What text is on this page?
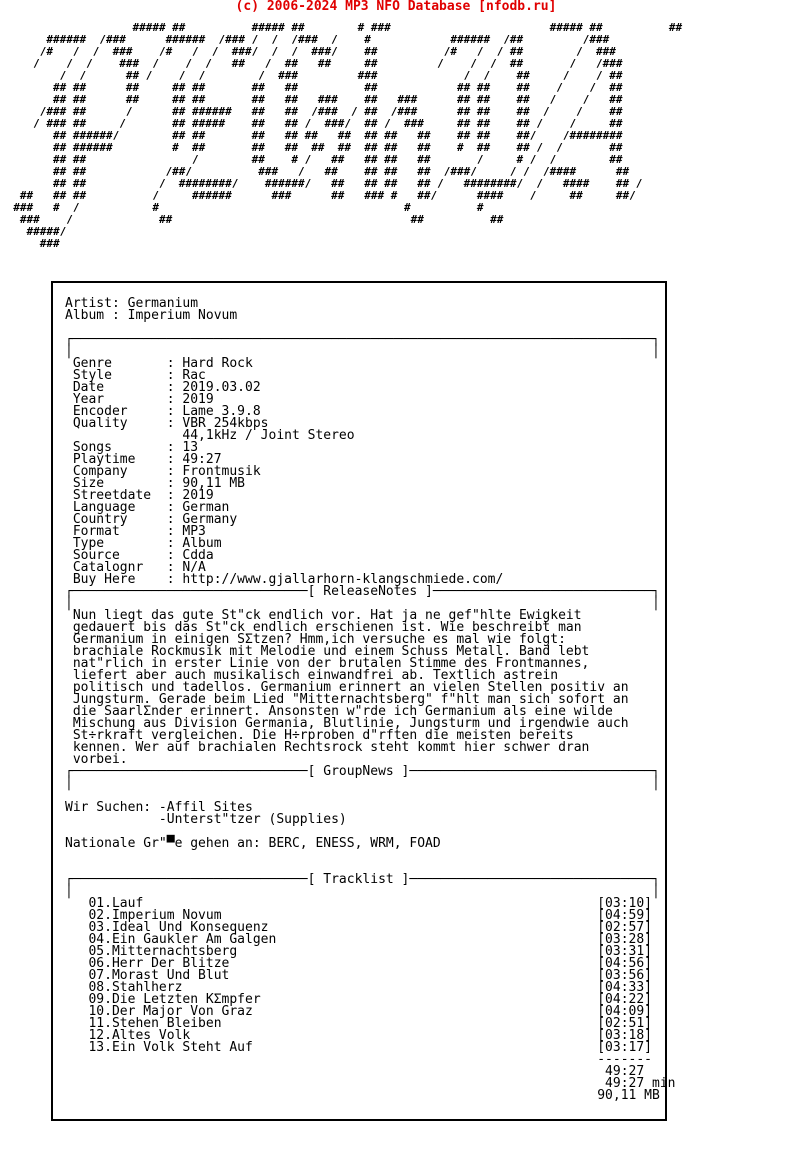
(c) 2006-2024 MP3 NFO Database [nfodb.ru]
##### ##          ##### ##        # ###                        ##### ##          ##
######  /###      ######  /### /  /  /###  /    #            ######  /##         /###
/#   /  /  ###    /#   /  /  ###/  /  /  ###/    ##          /#   /  / ##        /  ###
/    /  /    ###  /    /  /   ##   /  ##   ##     ##         /    /  /  ##       /   /###
/  /      ## /    /  /        /  ###         ###             /  /    ##     /    / ##
## ##      ##     ## ##       ##   ##          ##            ## ##    ##    /    /  ##
## ##      ##     ## ##       ##   ##   ###    ##   ###      ## ##    ##   /    /   ##
/### ##      /      ## ######   ##   ##  /###  / ##  /###      ## ##    ##  /    /    ##
/ ### ##     /       ## #####    ##   ## /  ###/  ## /  ###     ## ##    ## /    /     ##
## ######/        ## ##       ##   ## ##   ##  ## ##   ##    ## ##    ##/    /########
## ######         #  ##       ##   ##  ##  ##  ## ##   ##    #  ##    ## /  /       ##
## ##                /        ##    # /   ##   ## ##   ##       /     # /  /        ##
## ##            /##/          ###   /   ##    ## ##   ##  /###/     / /  /####      ##
## ##           /  ########/    ######/   ##   ## ##   ## /   ########/  /   ####    ## /
##   ## ##          /     ######      ###      ##   ### #   ##/      ####    /     ##     ##/
###   #  /           #                                     #          #
###    /             ##                                    ##          ##
#####/
###
Artist: Germanium
Album : Imperium Novum

┌──────────────────────────────────────────────────────────────────────────┐
│                                                                          │
Genre       : Hard Rock
Style       : Rac
Date        : 2019.03.02
Year        : 2019
Encoder     : Lame 3.9.8
Quality     : VBR 254kbps
44,1kHz / Joint Stereo
Songs       : 13
Playtime    : 49:27
Company     : Frontmusik
Size        : 90,11 MB
Streetdate  : 2019
Language    : German
Country     : Germany
Format      : MP3
Type        : Album
Source      : Cdda
Catalognr   : N/A
Buy Here    : http://www.gjallarhorn-klangschmiede.com/
┌──────────────────────────────[ ReleaseNotes ]────────────────────────────┐
│                                                                          │
Nun liegt das gute St"ck endlich vor. Hat ja ne gef"hlte Ewigkeit
gedauert bis das St"ck endlich erschienen ist. Wie beschreibt man
Germanium in einigen SΣtzen? Hmm,ich versuche es mal wie folgt:
brachiale Rockmusik mit Melodie und einem Schuss Metall. Band lebt
nat"rlich in erster Linie von der brutalen Stimme des Frontmannes,
liefert aber auch musikalisch einwandfrei ab. Textlich astrein
politisch und tadellos. Germanium erinnert an vielen Stellen positiv an
Jungsturm. Gerade beim Lied "Mitternachtsberg" f"hlt man sich sofort an
die SaarlΣnder erinnert. Ansonsten w"rde ich Germanium als eine wilde
Mischung aus Division Germania, Blutlinie, Jungsturm und irgendwie auch
St÷rkraft vergleichen. Die H÷rproben d"rften die meisten bereits
kennen. Wer auf brachialen Rechtsrock steht kommt hier schwer dran
vorbei.
┌──────────────────────────────[ GroupNews ]───────────────────────────────┐
│                                                                          │

Wir Suchen: -Affil Sites
-Unterst"tzer (Supplies)

Nationale Gr"▀e gehen an: BERC, ENESS, WRM, FOAD

┌──────────────────────────────[ Tracklist ]───────────────────────────────┐
│                                                                          │
01.Lauf                                                          [03:10]
02.Imperium Novum                                                [04:59]
03.Ideal Und Konsequenz                                          [02:57]
04.Ein Gaukler Am Galgen                                         [03:28]
05.Mitternachtsberg                                              [03:31]
06.Herr Der Blitze                                               [04:56]
07.Morast Und Blut                                               [03:56]
08.Stahlherz                                                     [04:33]
09.Die Letzten KΣmpfer                                           [04:22]
10.Der Major Von Graz                                            [04:09]
11.Stehen Bleiben                                                [02:51]
12.Altes Volk                                                    [03:18]
13.Ein Volk Steht Auf                                            [03:17]
-------
49:27
49:27 min
90,11 MB
